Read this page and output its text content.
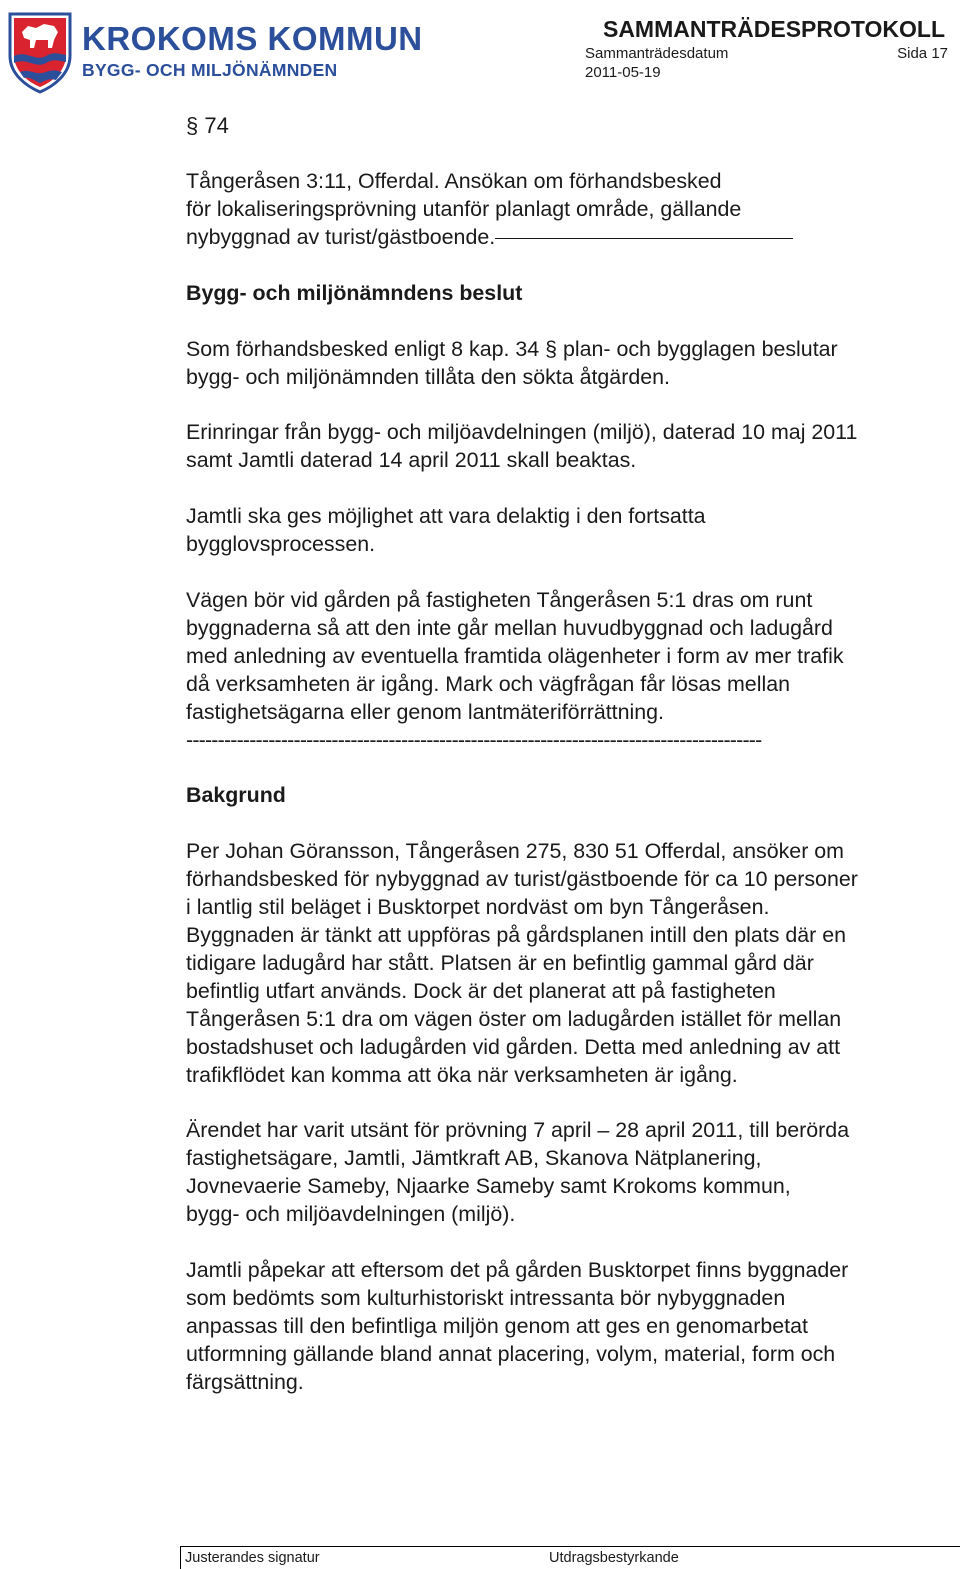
KROKOMS KOMMUN
BYGG- OCH MILJÖNÄMNDEN
SAMMANTRÄDESPROTOKOLL
Sammanträdesdatum	Sida 17
2011-05-19

§ 74

Tångeråsen 3:11, Offerdal. Ansökan om förhandsbesked
för lokaliseringsprövning utanför planlagt område, gällande
nybyggnad av turist/gästboende.

Bygg- och miljönämndens beslut

Som förhandsbesked enligt 8 kap. 34 § plan- och bygglagen beslutar
bygg- och miljönämnden tillåta den sökta åtgärden.

Erinringar från bygg- och miljöavdelningen (miljö), daterad 10 maj 2011
samt Jamtli daterad 14 april 2011 skall beaktas.

Jamtli ska ges möjlighet att vara delaktig i den fortsatta
bygglovsprocessen.

Vägen bör vid gården på fastigheten Tångeråsen 5:1 dras om runt
byggnaderna så att den inte går mellan huvudbyggnad och ladugård
med anledning av eventuella framtida olägenheter i form av mer trafik
då verksamheten är igång. Mark och vägfrågan får lösas mellan
fastighetsägarna eller genom lantmäteriförrättning.

-------------------------------------------------------------------------------------------

Bakgrund

Per Johan Göransson, Tångeråsen 275, 830 51 Offerdal, ansöker om
förhandsbesked för nybyggnad av turist/gästboende för ca 10 personer
i lantlig stil beläget i Busktorpet nordväst om byn Tångeråsen.
Byggnaden är tänkt att uppföras på gårdsplanen intill den plats där en
tidigare ladugård har stått. Platsen är en befintlig gammal gård där
befintlig utfart används. Dock är det planerat att på fastigheten
Tångeråsen 5:1 dra om vägen öster om ladugården istället för mellan
bostadshuset och ladugården vid gården. Detta med anledning av att
trafikflödet kan komma att öka när verksamheten är igång.

Ärendet har varit utsänt för prövning 7 april – 28 april 2011, till berörda
fastighetsägare, Jamtli, Jämtkraft AB, Skanova Nätplanering,
Jovnevaerie Sameby, Njaarke Sameby samt Krokoms kommun,
bygg- och miljöavdelningen (miljö).

Jamtli påpekar att eftersom det på gården Busktorpet finns byggnader
som bedömts som kulturhistoriskt intressanta bör nybyggnaden
anpassas till den befintliga miljön genom att ges en genomarbetat
utformning gällande bland annat placering, volym, material, form och
färgsättning.

Justerandes signatur	Utdragsbestyrkande
